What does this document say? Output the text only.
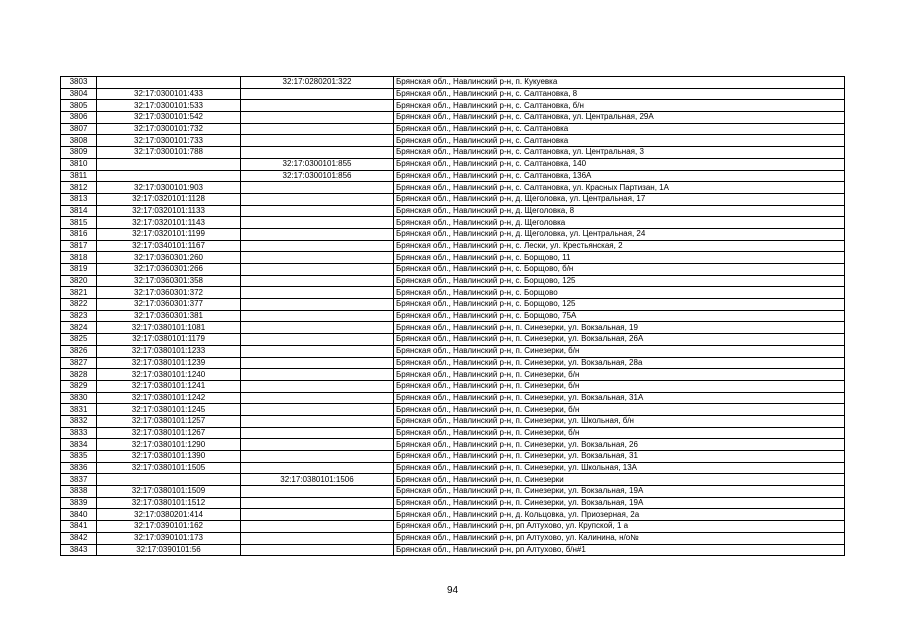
3803		32:17:0280201:322	Брянская обл., Навлинский р-н, п. Кукуевка
3804	32:17:0300101:433		Брянская обл., Навлинский р-н, с. Салтановка, 8
3805	32:17:0300101:533		Брянская обл., Навлинский р-н, с. Салтановка, б/н
3806	32:17:0300101:542		Брянская обл., Навлинский р-н, с. Салтановка, ул. Центральная, 29А
3807	32:17:0300101:732		Брянская обл., Навлинский р-н, с. Салтановка
3808	32:17:0300101:733		Брянская обл., Навлинский р-н, с. Салтановка
3809	32:17:0300101:788		Брянская обл., Навлинский р-н, с. Салтановка, ул. Центральная, 3
3810		32:17:0300101:855	Брянская обл., Навлинский р-н, с. Салтановка, 140
3811		32:17:0300101:856	Брянская обл., Навлинский р-н, с. Салтановка, 136А
3812	32:17:0300101:903		Брянская обл., Навлинский р-н, с. Салтановка, ул. Красных Партизан, 1А
3813	32:17:0320101:1128		Брянская обл., Навлинский р-н, д. Щеголовка, ул. Центральная, 17
3814	32:17:0320101:1133		Брянская обл., Навлинский р-н, д. Щеголовка, 8
3815	32:17:0320101:1143		Брянская обл., Навлинский р-н, д. Щеголовка
3816	32:17:0320101:1199		Брянская обл., Навлинский р-н, д. Щеголовка, ул. Центральная, 24
3817	32:17:0340101:1167		Брянская обл., Навлинский р-н, с. Лески, ул. Крестьянская, 2
3818	32:17:0360301:260		Брянская обл., Навлинский р-н, с. Борщово, 11
3819	32:17:0360301:266		Брянская обл., Навлинский р-н, с. Борщово, б/н
3820	32:17:0360301:358		Брянская обл., Навлинский р-н, с. Борщово, 125
3821	32:17:0360301:372		Брянская обл., Навлинский р-н, с. Борщово
3822	32:17:0360301:377		Брянская обл., Навлинский р-н, с. Борщово, 125
3823	32:17:0360301:381		Брянская обл., Навлинский р-н, с. Борщово, 75А
3824	32:17:0380101:1081		Брянская обл., Навлинский р-н, п. Синезерки, ул. Вокзальная, 19
3825	32:17:0380101:1179		Брянская обл., Навлинский р-н, п. Синезерки, ул. Вокзальная, 26А
3826	32:17:0380101:1233		Брянская обл., Навлинский р-н, п. Синезерки, б/н
3827	32:17:0380101:1239		Брянская обл., Навлинский р-н, п. Синезерки, ул. Вокзальная, 28а
3828	32:17:0380101:1240		Брянская обл., Навлинский р-н, п. Синезерки, б/н
3829	32:17:0380101:1241		Брянская обл., Навлинский р-н, п. Синезерки, б/н
3830	32:17:0380101:1242		Брянская обл., Навлинский р-н, п. Синезерки, ул. Вокзальная, 31А
3831	32:17:0380101:1245		Брянская обл., Навлинский р-н, п. Синезерки, б/н
3832	32:17:0380101:1257		Брянская обл., Навлинский р-н, п. Синезерки, ул. Школьная, б/н
3833	32:17:0380101:1267		Брянская обл., Навлинский р-н, п. Синезерки, б/н
3834	32:17:0380101:1290		Брянская обл., Навлинский р-н, п. Синезерки, ул. Вокзальная, 26
3835	32:17:0380101:1390		Брянская обл., Навлинский р-н, п. Синезерки, ул. Вокзальная, 31
3836	32:17:0380101:1505		Брянская обл., Навлинский р-н, п. Синезерки, ул. Школьная, 13А
3837		32:17:0380101:1506	Брянская обл., Навлинский р-н, п. Синезерки
3838	32:17:0380101:1509		Брянская обл., Навлинский р-н, п. Синезерки, ул. Вокзальная, 19А
3839	32:17:0380101:1512		Брянская обл., Навлинский р-н, п. Синезерки, ул. Вокзальная, 19А
3840	32:17:0380201:414		Брянская обл., Навлинский р-н, д. Кольцовка, ул. Приозерная, 2а
3841	32:17:0390101:162		Брянская обл., Навлинский р-н, рп Алтухово, ул. Крупской, 1 а
3842	32:17:0390101:173		Брянская обл., Навлинский р-н, рп Алтухово, ул. Калинина, н/о№
3843	32:17:0390101:56		Брянская обл., Навлинский р-н, рп Алтухово, б/н#1
94
